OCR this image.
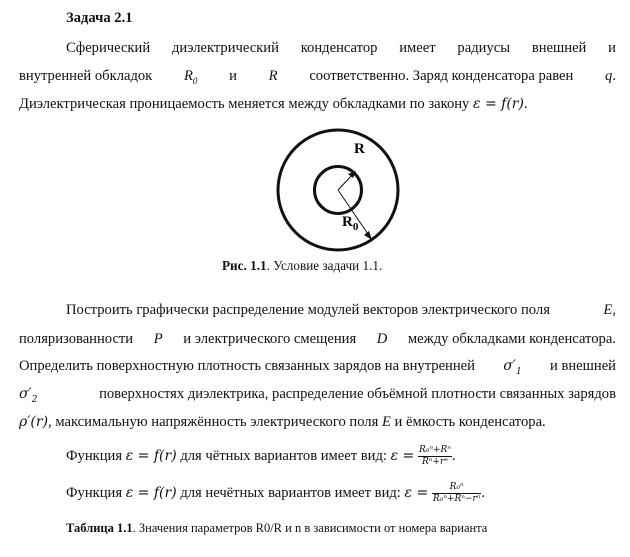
Задача 2.1
Сферический диэлектрический конденсатор имеет радиусы внешней и
внутренней обкладок $R_0$ и R соответственно. Заряд конденсатора равен q.
Диэлектрическая проницаемость меняется между обкладками по закону ε = f(r).
R
$R_0$
Рис. 1.1. Условие задачи 1.1.
Построить графически распределение модулей векторов электрического поля	E,
поляризованности P и электрического смещения D между обкладками конденсатора.
Определить поверхностную плотность связанных зарядов на внутренней $\sigma'_1$ и внешней
$\sigma'_2$	поверхностях диэлектрика, распределение объёмной плотности связанных зарядов
ρ′(r), максимальную напряжённость электрического поля E и ёмкость конденсатора.
Функция ε = f(r) для чётных вариантов имеет вид: $\varepsilon = \frac{\text{R₀ⁿ+Rⁿ}}{\text{Rⁿ+rⁿ}}$ .
Функция ε = f(r) для нечётных вариантов имеет вид: $\varepsilon = \frac{\text{R₀ⁿ}}{\text{R₀ⁿ+Rⁿ−rⁿ}}$ .
Таблица 1.1. Значения параметров R0/R и n в зависимости от номера варианта
